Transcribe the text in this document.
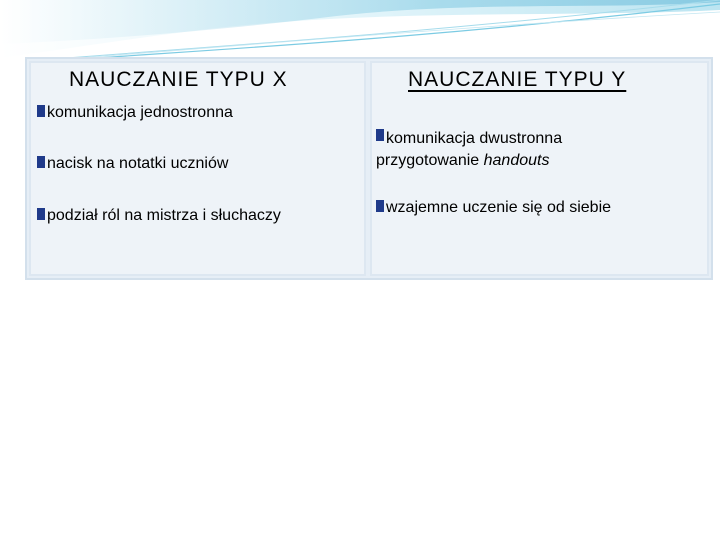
NAUCZANIE TYPU X
komunikacja jednostronna
nacisk na notatki uczniów
podział ról na mistrza i słuchaczy
NAUCZANIE TYPU Y
komunikacja dwustronna
przygotowanie handouts
wzajemne uczenie się od siebie
